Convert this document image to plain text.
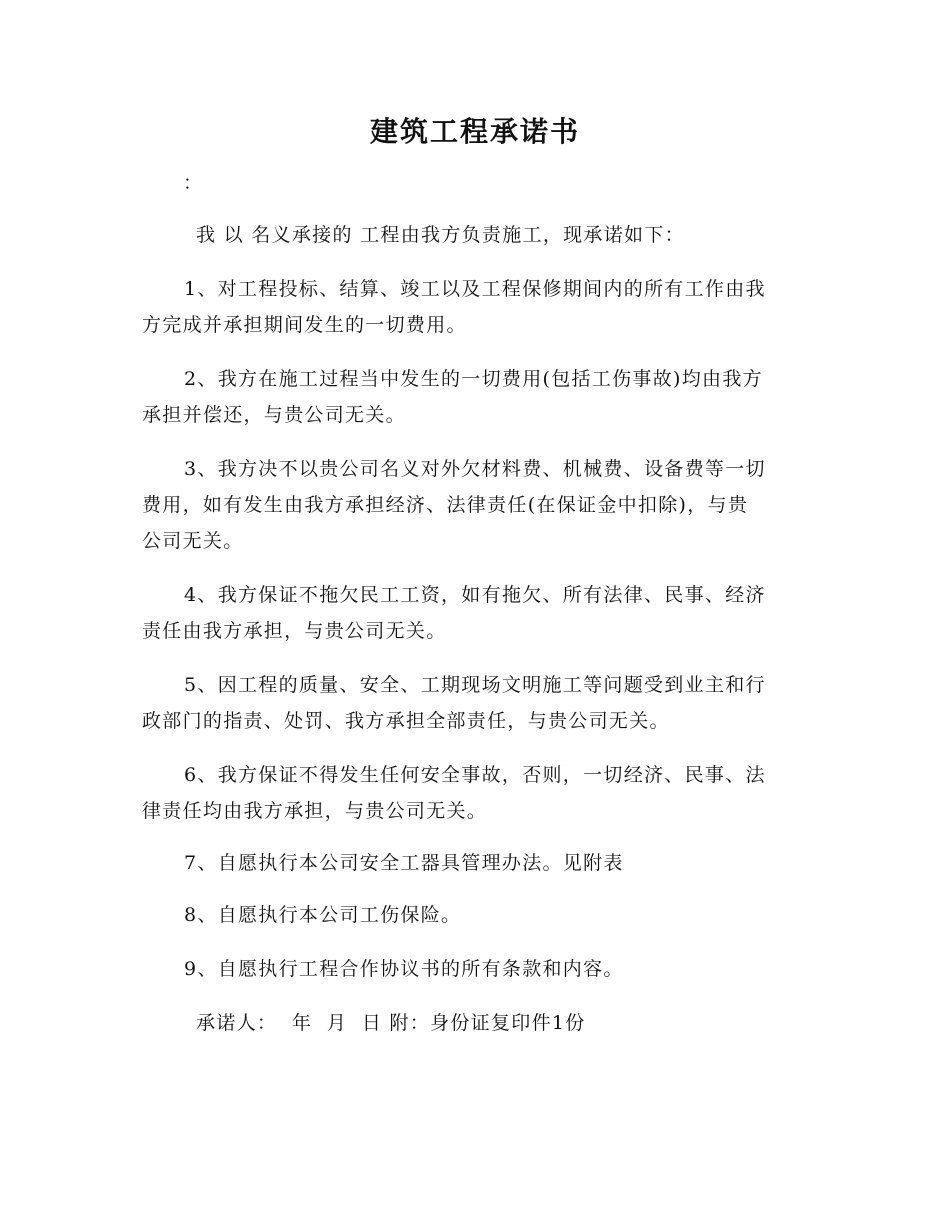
建筑工程承诺书
：
我 以 名义承接的 工程由我方负责施工，现承诺如下：
1、对工程投标、结算、竣工以及工程保修期间内的所有工作由我
方完成并承担期间发生的一切费用。
2、我方在施工过程当中发生的一切费用(包括工伤事故)均由我方
承担并偿还，与贵公司无关。
3、我方决不以贵公司名义对外欠材料费、机械费、设备费等一切
费用，如有发生由我方承担经济、法律责任(在保证金中扣除)，与贵
公司无关。
4、我方保证不拖欠民工工资，如有拖欠、所有法律、民事、经济
责任由我方承担，与贵公司无关。
5、因工程的质量、安全、工期现场文明施工等问题受到业主和行
政部门的指责、处罚、我方承担全部责任，与贵公司无关。
6、我方保证不得发生任何安全事故，否则，一切经济、民事、法
律责任均由我方承担，与贵公司无关。
7、自愿执行本公司安全工器具管理办法。见附表
8、自愿执行本公司工伤保险。
9、自愿执行工程合作协议书的所有条款和内容。
承诺人：  年  月  日 附：身份证复印件1份
